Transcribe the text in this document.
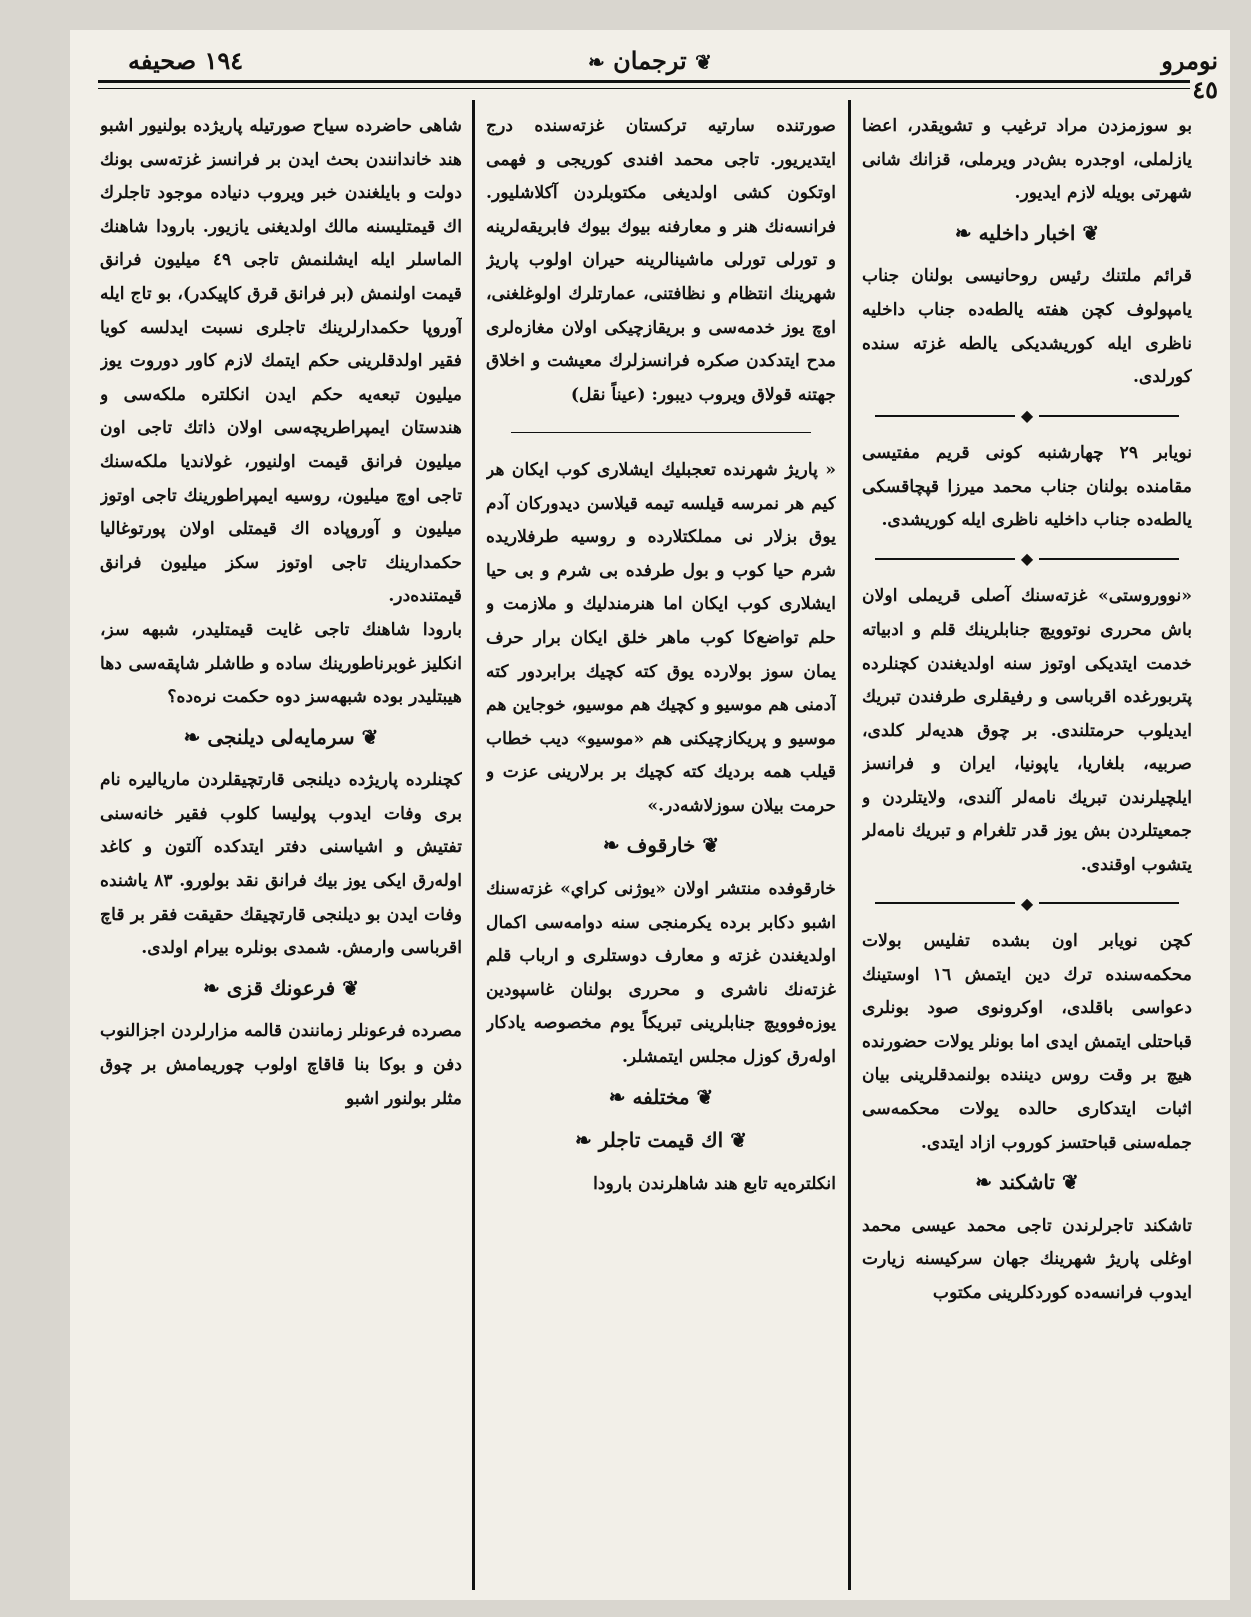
١٩٤ صحيفه	❦ ترجمان ❧	نومرو ٤٥

بو سوزمزدن مراد ترغيب و تشويقدر، اعضا يازلملی، اوجدره بش‌در ويرملی، قزانك شانی شهرتی بويله لازم ايديور.

❦ اخبار داخليه ❧

قرائم ملتنك رئيس روحانيسی بولنان جناب يامپولوف كچن هفته يالطه‌ده جناب داخليه ناظری ايله كوريشديكی يالطه غزته سنده كورلدی.

◆

نويابر ٢٩ چهارشنبه كونی قريم مفتيسی مقامنده بولنان جناب محمد ميرزا قپچاقسكی يالطه‌ده جناب داخليه ناظری ايله كوريشدی.

◆

«نووروستی» غزته‌سنك آصلی قريملی اولان باش محرری نوتوويچ جنابلرينك قلم و ادبياته خدمت ايتديكی اوتوز سنه اولديغندن كچنلرده پتربورغده اقرباسی و رفيقلری طرفندن تبريك ايديلوب حرمتلندی. بر چوق هديه‌لر كلدی، صربيه، بلغاريا، ياپونيا، ايران و فرانسز ايلچيلرندن تبريك نامه‌لر آلندی، ولايتلردن و جمعيتلردن بش يوز قدر تلغرام و تبريك نامه‌لر يتشوب اوقندی.

◆

كچن نويابر اون بشده تفليس بولات محكمه‌سنده ترك دين ايتمش ١٦ اوستينك دعواسی باقلدی، اوكرونوی صود بونلری قباحتلی ايتمش ايدی اما بونلر يولات حضورنده هيچ بر وقت روس ديننده بولنمدقلرينی بيان اثبات ايتدكاری حالده يولات محكمه‌سی جمله‌سنی قباحتسز كوروب ازاد ايتدی.

❦ تاشكند ❧

تاشكند تاجرلرندن تاجی محمد عيسی محمد اوغلی پاريژ شهرينك جهان سركيسنه زيارت ايدوب فرانسه‌ده كوردكلرينی مكتوب

صورتنده سارتيه تركستان غزته‌سنده درج ايتديريور. تاجی محمد افندی كوريجی و فهمی اوتكون كشی اولديغی مكتوبلردن آكلاشليور. فرانسه‌نك هنر و معارفنه بيوك بيوك فابريقه‌لرينه و تورلی تورلی ماشينالرينه حيران اولوب پاريژ شهرينك انتظام و نظافتنی، عمارتلرك اولوغلغنی، اوچ يوز خدمه‌سی و بريقازچيكی اولان مغازه‌لری مدح ايتدكدن صكره فرانسزلرك معيشت و اخلاق جهتنه قولاق ويروب ديبور: (عيناً نقل)

« پاريژ شهرنده تعجبليك ايشلاری كوب ايكان هر كيم هر نمرسه قيلسه تيمه قيلاسن ديدوركان آدم يوق بزلار نی مملكتلارده و روسيه طرفلاريده شرم حيا كوب و بول طرفده بی شرم و بی حيا ايشلاری كوب ايكان اما هنرمندليك و ملازمت و حلم تواضع‌كا كوب ماهر خلق ايكان برار حرف يمان سوز بولارده يوق كته كچيك برابردور كته آدمنی هم موسيو و كچيك هم موسيو، خوجاين هم موسيو و پريكازچيكنی هم «موسيو» ديب خطاب قيلب همه برديك كته كچيك بر برلارينی عزت و حرمت بيلان سوزلاشه‌در.»

❦ خارقوف ❧

خارقوفده منتشر اولان «يوژنی كراي» غزته‌سنك اشبو دكابر برده يكرمنجی سنه دوامه‌سی اكمال اولديغندن غزته و معارف دوستلری و ارباب قلم غزته‌نك ناشری و محرری بولنان غاسپودين يوزه‌فوويچ جنابلرينی تبريكاً يوم مخصوصه يادكار اوله‌رق كوزل مجلس ايتمشلر.

❦ مختلفه ❧
❦ اك قيمت تاجلر ❧

انكلتره‌يه تابع هند شاهلرندن بارودا

شاهی حاضرده سياح صورتيله پاريژده بولنيور اشبو هند خاندانندن بحث ايدن بر فرانسز غزته‌سی بونك دولت و بايلغندن خبر ويروب دنياده موجود تاجلرك اك قيمتليسنه مالك اولديغنی يازيور. بارودا شاهنك الماسلر ايله ايشلنمش تاجی ٤٩ ميليون فرانق قيمت اولنمش (بر فرانق قرق كاپيكدر)، بو تاج ايله آوروپا حكمدارلرينك تاجلری نسبت ايدلسه كويا فقير اولدقلرينی حكم ايتمك لازم كاور دوروت يوز ميليون تبعه‌يه حكم ايدن انكلتره ملكه‌سی و هندستان ايمپراطريچه‌سی اولان ذاتك تاجی اون ميليون فرانق قيمت اولنيور، غولانديا ملكه‌سنك تاجی اوچ ميليون، روسيه ايمپراطورينك تاجی اوتوز ميليون و آوروپاده اك قيمتلی اولان پورتوغاليا حكمدارينك تاجی اوتوز سكز ميليون فرانق قيمتنده‌در.

بارودا شاهنك تاجی غايت قيمتليدر، شبهه سز، انكليز غوبرناطورينك ساده و طاشلر شاپقه‌سی دها هيبتليدر بوده شبهه‌سز دوه حكمت نره‌ده؟

❦ سرمايه‌لی ديلنجی ❧

كچنلرده پاريژده ديلنجی قارتچيقلردن مارياليره نام برى وفات ايدوب پوليسا كلوب فقير خانه‌سنی تفتيش و اشياسنی دفتر ايتدكده آلتون و كاغد اوله‌رق ايكی يوز بيك فرانق نقد بولورو. ٨٣ ياشنده وفات ايدن بو ديلنجی قارتچيقك حقيقت فقر بر قاچ اقرباسی وارمش. شمدی بونلره بيرام اولدی.

❦ فرعونك قزی ❧

مصرده فرعونلر زمانندن قالمه مزارلردن اجزالنوب دفن و بوكا بنا قاقاچ اولوب چوريمامش بر چوق مثلر بولنور اشبو
